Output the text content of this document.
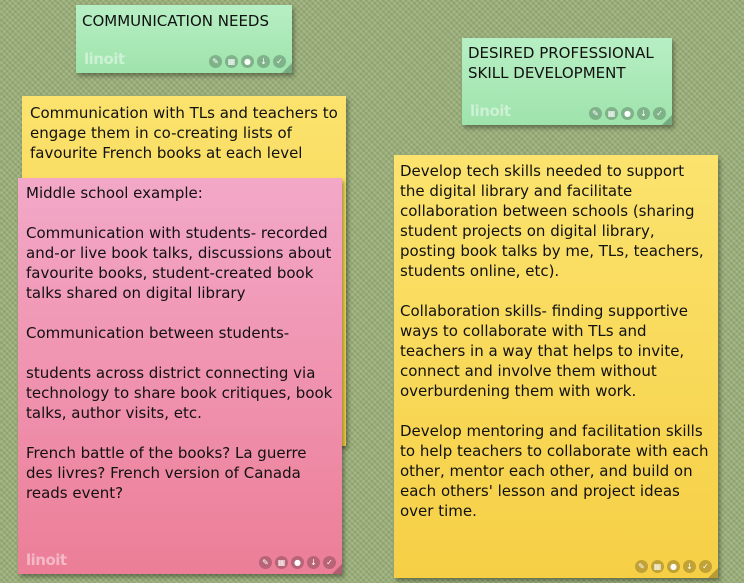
COMMUNICATION NEEDS
linoit	✎	▦	●	↓	✓	DESIRED PROFESSIONAL
SKILL DEVELOPMENT
linoit	✎	▦	●	↓	✓
Communication with TLs and teachers to engage them in co-creating lists of favourite French books at each level
Middle school example:

Communication with students- recorded and-or live book talks, discussions about favourite books, student-created book talks shared on digital library

Communication between students-

students across district connecting via technology to share book critiques, book talks, author visits, etc.

French battle of the books? La guerre des livres? French version of Canada reads event?
linoit	✎	▦	●	↓	✓
Develop tech skills needed to support the digital library and facilitate collaboration between schools (sharing student projects on digital library, posting book talks by me, TLs, teachers, students online, etc).

Collaboration skills- finding supportive ways to collaborate with TLs and teachers in a way that helps to invite, connect and involve them without overburdening them with work.

Develop mentoring and facilitation skills to help teachers to collaborate with each other, mentor each other, and build on each others' lesson and project ideas over time.
✎	▦	●	↓	✓
